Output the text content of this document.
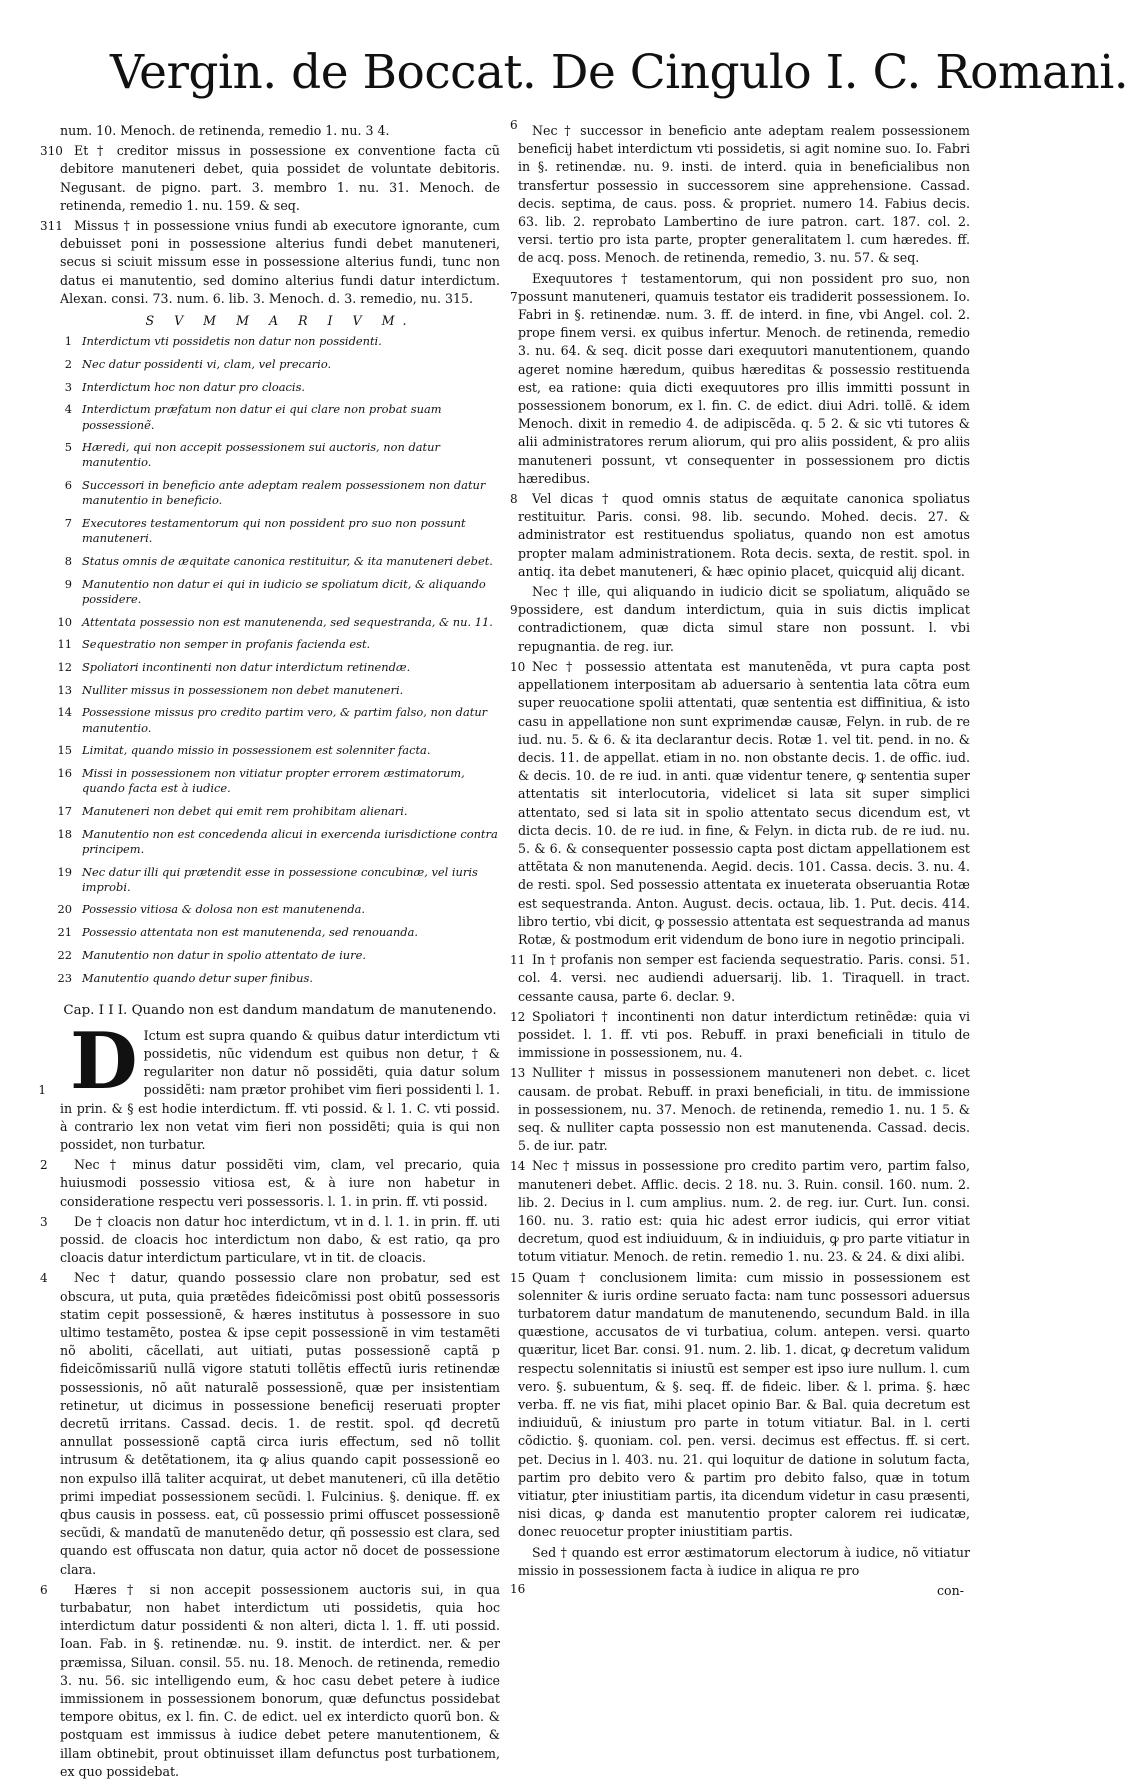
Vergin. de Boccat. De Cingulo I. C. Romani.
num. 10. Menoch. de retinenda, remedio 1. nu. 3 4.
310 Et † creditor missus in possessione ex conventione facta cũ debitore manuteneri debet, quia possidet de voluntate debitoris. Negusant. de pigno. part. 3. membro 1. nu. 31. Menoch. de retinenda, remedio 1. nu. 159. & seq.
311 Missus † in possessione vnius fundi ab executore ignorante, cum debuisset poni in possessione alterius fundi debet manuteneri, secus si sciuit missum esse in possessione alterius fundi, tunc non datus ei manutentio, sed domino alterius fundi datur interdictum. Alexan. consi. 73. num. 6. lib. 3. Menoch. d. 3. remedio, nu. 315.
S V M M A R I V M.
1 Interdictum vti possidetis non datur non possidenti.
2 Nec datur possidenti vi, clam, vel precario.
3 Interdictum hoc non datur pro cloacis.
4 Interdictum præfatum non datur ei qui clare non probat suam possessionẽ.
5 Hæredi, qui non accepit possessionem sui auctoris, non datur manutentio.
6 Successori in beneficio ante adeptam realem possessionem non datur manutentio in beneficio.
7 Executores testamentorum qui non possident pro suo non possunt manuteneri.
8 Status omnis de æquitate canonica restituitur, & ita manuteneri debet.
9 Manutentio non datur ei qui in iudicio se spoliatum dicit, & aliquando possidere.
10 Attentata possessio non est manutenenda, sed sequestranda, & nu. 11.
11 Sequestratio non semper in profanis facienda est.
12 Spoliatori incontinenti non datur interdictum retinendæ.
13 Nulliter missus in possessionem non debet manuteneri.
14 Possessione missus pro credito partim vero, & partim falso, non datur manutentio.
15 Limitat, quando missio in possessionem est solenniter facta.
16 Missi in possessionem non vitiatur propter errorem æstimatorum, quando facta est à iudice.
17 Manuteneri non debet qui emit rem prohibitam alienari.
18 Manutentio non est concedenda alicui in exercenda iurisdictione contra principem.
19 Nec datur illi qui prætendit esse in possessione concubinæ, vel iuris improbi.
20 Possessio vitiosa & dolosa non est manutenenda.
21 Possessio attentata non est manutenenda, sed renouanda.
22 Manutentio non datur in spolio attentato de iure.
23 Manutentio quando detur super finibus.
Cap. I I I. Quando non est dandum mandatum de manutenendo.
1 D Ictum est supra quando & quibus datur interdictum vti possidetis, nũc videndum est quibus non detur, † & regulariter non datur nõ possidẽti, quia datur solum possidẽti: nam prætor prohibet vim fieri possidenti l. 1. in prin. & § est hodie interdictum. ff. vti possid. & l. 1. C. vti possid. à contrario lex non vetat vim fieri non possidẽti; quia is qui non possidet, non turbatur.
2 Nec † minus datur possidẽti vim, clam, vel precario, quia huiusmodi possessio vitiosa est, & à iure non habetur in consideratione respectu veri possessoris. l. 1. in prin. ff. vti possid.
3 De † cloacis non datur hoc interdictum, vt in d. l. 1. in prin. ff. uti possid. de cloacis hoc interdictum non dabo, & est ratio, qa pro cloacis datur interdictum particulare, vt in tit. de cloacis.
4 Nec † datur, quando possessio clare non probatur, sed est obscura, ut puta, quia prætẽdes fideicõmissi post obitũ possessoris statim cepit possessionẽ, & hæres institutus à possessore in suo ultimo testamẽto, postea & ipse cepit possessionẽ in vim testamẽti nõ aboliti, cãcellati, aut uitiati, putas possessionẽ captã p fideicõmissariũ nullã vigore statuti tollẽtis effectũ iuris retinendæ possessionis, nõ aũt naturalẽ possessionẽ, quæ per insistentiam retinetur, ut dicimus in possessione beneficij reseruati propter decretũ irritans. Cassad. decis. 1. de restit. spol. qđ decretũ annullat possessionẽ captã circa iuris effectum, sed nõ tollit intrusum & detẽtationem, ita ꝙ alius quando capit possessionẽ eo non expulso illã taliter acquirat, ut debet manuteneri, cũ illa detẽtio primi impediat possessionem secũdi. l. Fulcinius. §. denique. ff. ex qbus causis in possess. eat, cũ possessio primi offuscet possessionẽ secũdi, & mandatũ de manutenẽdo detur, qñ possessio est clara, sed quando est offuscata non datur, quia actor nõ docet de possessione clara.
6 Hæres † si non accepit possessionem auctoris sui, in qua turbabatur, non habet interdictum uti possidetis, quia hoc interdictum datur possidenti & non alteri, dicta l. 1. ff. uti possid. Ioan. Fab. in §. retinendæ. nu. 9. instit. de interdict. ner. & per præmissa, Siluan. consil. 55. nu. 18. Menoch. de retinenda, remedio 3. nu. 56. sic intelligendo eum, & hoc casu debet petere à iudice immissionem in possessionem bonorum, quæ defunctus possidebat tempore obitus, ex l. fin. C. de edict. uel ex interdicto quorũ bon. & postquam est immissus à iudice debet petere manutentionem, & illam obtinebit, prout obtinuisset illam defunctus post turbationem, ex quo possidebat.
6 Nec † successor in beneficio ante adeptam realem possessionem beneficij habet interdictum vti possidetis, si agit nomine suo. Io. Fabri in §. retinendæ. nu. 9. insti. de interd. quia in beneficialibus non transfertur possessio in successorem sine apprehensione. Cassad. decis. septima, de caus. poss. & propriet. numero 14. Fabius decis. 63. lib. 2. reprobato Lambertino de iure patron. cart. 187. col. 2. versi. tertio pro ista parte, propter generalitatem l. cum hæredes. ff. de acq. poss. Menoch. de retinenda, remedio, 3. nu. 57. & seq.
7
Exequutores † testamentorum, qui non possident pro suo, non possunt manuteneri, quamuis testator eis tradiderit possessionem. Io. Fabri in §. retinendæ. num. 3. ff. de interd. in fine, vbi Angel. col. 2. prope finem versi. ex quibus infertur. Menoch. de retinenda, remedio 3. nu. 64. & seq. dicit posse dari exequutori manutentionem, quando ageret nomine hæredum, quibus hæreditas & possessio restituenda est, ea ratione: quia dicti exequutores pro illis immitti possunt in possessionem bonorum, ex l. fin. C. de edict. diui Adri. tollẽ. & idem Menoch. dixit in remedio 4. de adipiscẽda. q. 5 2. & sic vti tutores & alii administratores rerum aliorum, qui pro aliis possident, & pro aliis manuteneri possunt, vt consequenter in possessionem pro dictis hæredibus.
8 Vel dicas † quod omnis status de æquitate canonica spoliatus restituitur. Paris. consi. 98. lib. secundo. Mohed. decis. 27. & administrator est restituendus spoliatus, quando non est amotus propter malam administrationem. Rota decis. sexta, de restit. spol. in antiq. ita debet manuteneri, & hæc opinio placet, quicquid alij dicant.
9
Nec † ille, qui aliquando in iudicio dicit se spoliatum, aliquãdo se possidere, est dandum interdictum, quia in suis dictis implicat contradictionem, quæ dicta simul stare non possunt. l. vbi repugnantia. de reg. iur.
10 Nec † possessio attentata est manutenẽda, vt pura capta post appellationem interpositam ab aduersario à sententia lata cõtra eum super reuocatione spolii attentati, quæ sententia est diffinitiua, & isto casu in appellatione non sunt exprimendæ causæ, Felyn. in rub. de re iud. nu. 5. & 6. & ita declarantur decis. Rotæ 1. vel tit. pend. in no. & decis. 11. de appellat. etiam in no. non obstante decis. 1. de offic. iud. & decis. 10. de re iud. in anti. quæ videntur tenere, ꝙ sententia super attentatis sit interlocutoria, videlicet si lata sit super simplici attentato, sed si lata sit in spolio attentato secus dicendum est, vt dicta decis. 10. de re iud. in fine, & Felyn. in dicta rub. de re iud. nu. 5. & 6. & consequenter possessio capta post dictam appellationem est attẽtata & non manutenenda. Aegid. decis. 101. Cassa. decis. 3. nu. 4. de resti. spol. Sed possessio attentata ex inueterata obseruantia Rotæ est sequestranda. Anton. August. decis. octaua, lib. 1. Put. decis. 414. libro tertio, vbi dicit, ꝙ possessio attentata est sequestranda ad manus Rotæ, & postmodum erit videndum de bono iure in negotio principali.
11 In † profanis non semper est facienda sequestratio. Paris. consi. 51. col. 4. versi. nec audiendi aduersarij. lib. 1. Tiraquell. in tract. cessante causa, parte 6. declar. 9.
12 Spoliatori † incontinenti non datur interdictum retinẽdæ: quia vi possidet. l. 1. ff. vti pos. Rebuff. in praxi beneficiali in titulo de immissione in possessionem, nu. 4.
13 Nulliter † missus in possessionem manuteneri non debet. c. licet causam. de probat. Rebuff. in praxi beneficiali, in titu. de immissione in possessionem, nu. 37. Menoch. de retinenda, remedio 1. nu. 1 5. & seq. & nulliter capta possessio non est manutenenda. Cassad. decis. 5. de iur. patr.
14 Nec † missus in possessione pro credito partim vero, partim falso, manuteneri debet. Afflic. decis. 2 18. nu. 3. Ruin. consil. 160. num. 2. lib. 2. Decius in l. cum amplius. num. 2. de reg. iur. Curt. Iun. consi. 160. nu. 3. ratio est: quia hic adest error iudicis, qui error vitiat decretum, quod est indiuiduum, & in indiuiduis, ꝙ pro parte vitiatur in totum vitiatur. Menoch. de retin. remedio 1. nu. 23. & 24. & dixi alibi.
15 Quam † conclusionem limita: cum missio in possessionem est solenniter & iuris ordine seruato facta: nam tunc possessori aduersus turbatorem datur mandatum de manutenendo, secundum Bald. in illa quæstione, accusatos de vi turbatiua, colum. antepen. versi. quarto quæritur, licet Bar. consi. 91. num. 2. lib. 1. dicat, ꝙ decretum validum respectu solennitatis si iniustũ est semper est ipso iure nullum. l. cum vero. §. subuentum, & §. seq. ff. de fideic. liber. & l. prima. §. hæc verba. ff. ne vis fiat, mihi placet opinio Bar. & Bal. quia decretum est indiuiduũ, & iniustum pro parte in totum vitiatur. Bal. in l. certi cõdictio. §. quoniam. col. pen. versi. decimus est effectus. ff. si cert. pet. Decius in l. 403. nu. 21. qui loquitur de datione in solutum facta, partim pro debito vero & partim pro debito falso, quæ in totum vitiatur, ꝑter iniustitiam partis, ita dicendum videtur in casu præsenti, nisi dicas, ꝙ danda est manutentio propter calorem rei iudicatæ, donec reuocetur propter iniustitiam partis.
16
Sed † quando est error æstimatorum electorum à iudice, nõ vitiatur missio in possessionem facta à iudice in aliqua re pro
con-
